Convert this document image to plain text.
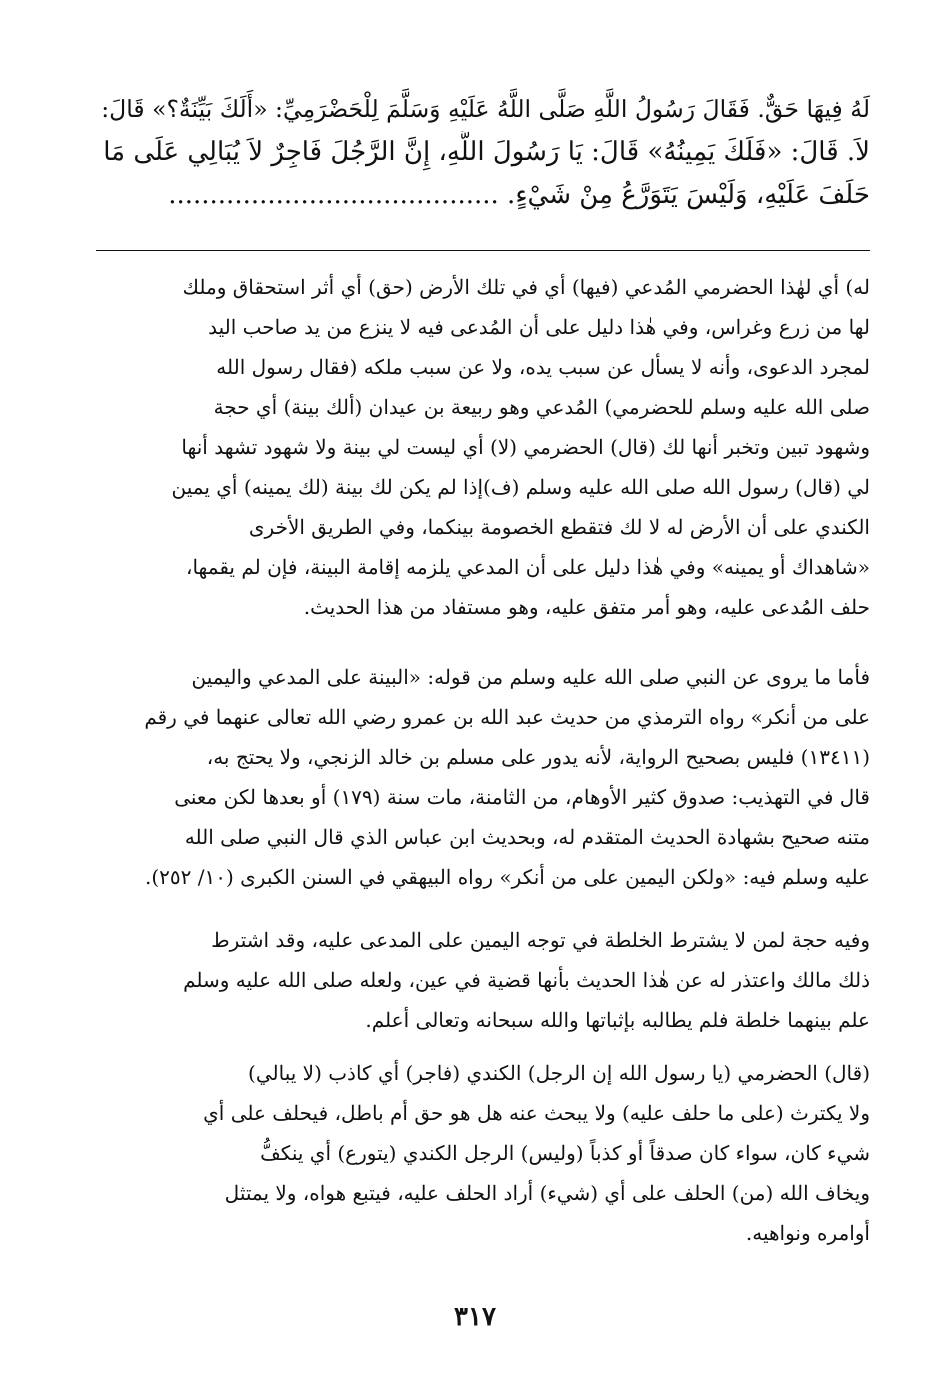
لَهُ فِيهَا حَقٌّ. فَقَالَ رَسُولُ اللَّهِ صَلَّى اللَّهُ عَلَيْهِ وَسَلَّمَ لِلْحَضْرَمِيِّ: «أَلَكَ بَيِّنَةٌ؟» قَالَ:
لاَ. قَالَ: «فَلَكَ يَمِينُهُ» قَالَ: يَا رَسُولَ اللَّهِ، إِنَّ الرَّجُلَ فَاجِرٌ لاَ يُبَالِي عَلَى مَا
حَلَفَ عَلَيْهِ، وَلَيْسَ يَتَوَرَّعُ مِنْ شَيْءٍ. ........................................
له) أي لهٰذا الحضرمي المُدعي (فيها) أي في تلك الأرض (حق) أي أثر استحقاق وملك
لها من زرع وغراس، وفي هٰذا دليل على أن المُدعى فيه لا ينزع من يد صاحب اليد
لمجرد الدعوى، وأنه لا يسأل عن سبب يده، ولا عن سبب ملكه (فقال رسول الله
صلى الله عليه وسلم للحضرمي) المُدعي وهو ربيعة بن عيدان (ألك بينة) أي حجة
وشهود تبين وتخبر أنها لك (قال) الحضرمي (لا) أي ليست لي بينة ولا شهود تشهد أنها
لي (قال) رسول الله صلى الله عليه وسلم (ف)إذا لم يكن لك بينة (لك يمينه) أي يمين
الكندي على أن الأرض له لا لك فتقطع الخصومة بينكما، وفي الطريق الأخرى
«شاهداك أو يمينه» وفي هٰذا دليل على أن المدعي يلزمه إقامة البينة، فإن لم يقمها،
حلف المُدعى عليه، وهو أمر متفق عليه، وهو مستفاد من هذا الحديث.
فأما ما يروى عن النبي صلى الله عليه وسلم من قوله: «البينة على المدعي واليمين
على من أنكر» رواه الترمذي من حديث عبد الله بن عمرو رضي الله تعالى عنهما في رقم
(١٣٤١١) فليس بصحيح الرواية، لأنه يدور على مسلم بن خالد الزنجي، ولا يحتج به،
قال في التهذيب: صدوق كثير الأوهام، من الثامنة، مات سنة (١٧٩) أو بعدها لكن معنى
متنه صحيح بشهادة الحديث المتقدم له، وبحديث ابن عباس الذي قال النبي صلى الله
عليه وسلم فيه: «ولكن اليمين على من أنكر» رواه البيهقي في السنن الكبرى (١٠/ ٢٥٢).
وفيه حجة لمن لا يشترط الخلطة في توجه اليمين على المدعى عليه، وقد اشترط
ذلك مالك واعتذر له عن هٰذا الحديث بأنها قضية في عين، ولعله صلى الله عليه وسلم
علم بينهما خلطة فلم يطالبه بإثباتها والله سبحانه وتعالى أعلم.
(قال) الحضرمي (يا رسول الله إن الرجل) الكندي (فاجر) أي كاذب (لا يبالي)
ولا يكترث (على ما حلف عليه) ولا يبحث عنه هل هو حق أم باطل، فيحلف على أي
شيء كان، سواء كان صدقاً أو كذباً (وليس) الرجل الكندي (يتورع) أي ينكفُّ
ويخاف الله (من) الحلف على أي (شيء) أراد الحلف عليه، فيتبع هواه، ولا يمتثل
أوامره ونواهيه.
٣١٧
